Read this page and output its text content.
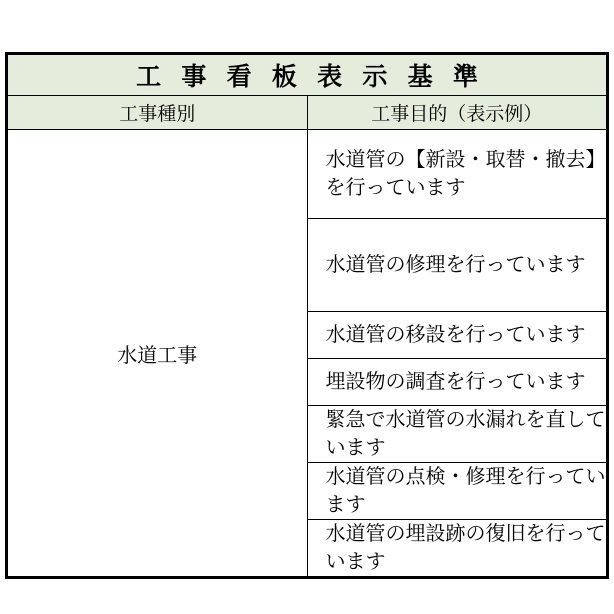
工 事 看 板 表 示 基 準	
工事種別	工事目的（表示例）
水道工事	水道管の【新設・取替・撤去】を行っています
	水道管の修理を行っています
	水道管の移設を行っています
	埋設物の調査を行っています
	緊急で水道管の水漏れを直しています
	水道管の点検・修理を行っています
	水道管の埋設跡の復旧を行っています
